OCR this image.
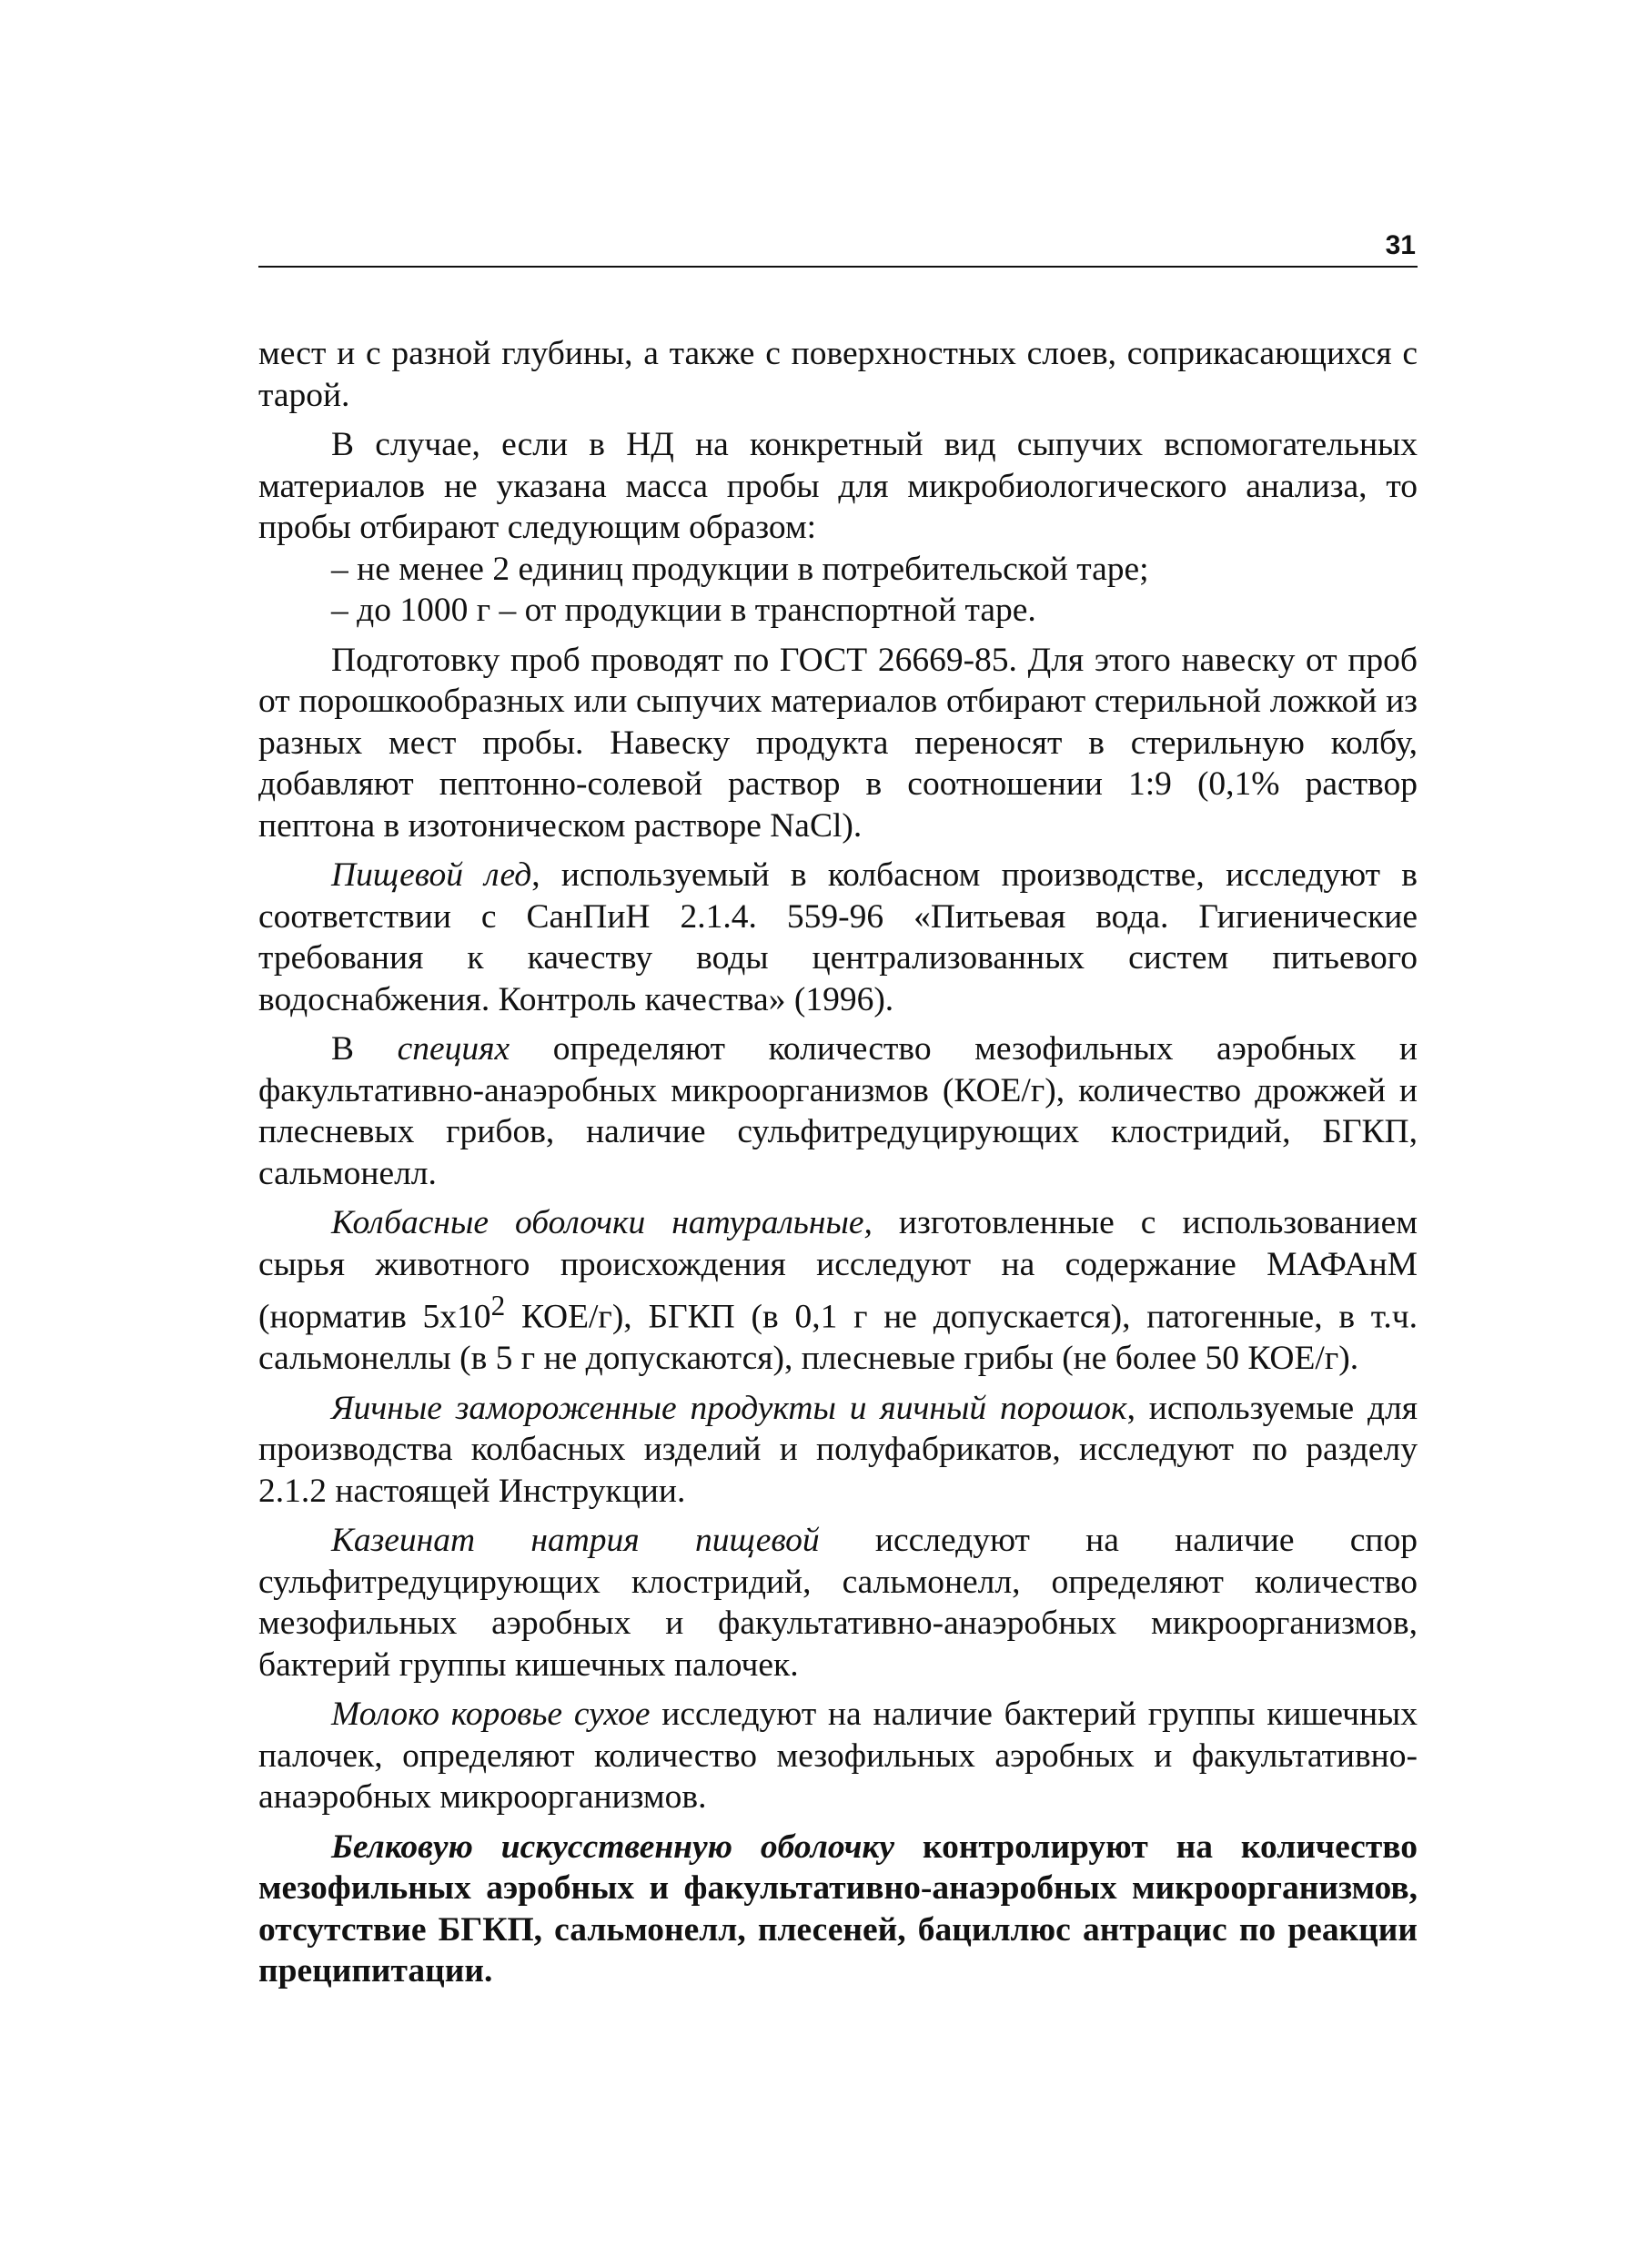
31

мест и с разной глубины, а также с поверхностных слоев, соприкасающихся с тарой.

В случае, если в НД на конкретный вид сыпучих вспомогательных материалов не указана масса пробы для микробиологического анализа, то пробы отбирают следующим образом:

– не менее 2 единиц продукции в потребительской таре;

– до 1000 г – от продукции в транспортной таре.

Подготовку проб проводят по ГОСТ 26669-85. Для этого навеску от проб от порошкообразных или сыпучих материалов отбирают стерильной ложкой из разных мест пробы. Навеску продукта переносят в стерильную колбу, добавляют пептонно-солевой раствор в соотношении 1:9 (0,1% раствор пептона в изотоническом растворе NaCl).

Пищевой лед, используемый в колбасном производстве, исследуют в соответствии с СанПиН 2.1.4. 559-96 «Питьевая вода. Гигиенические требования к качеству воды централизованных систем питьевого водоснабжения. Контроль качества» (1996).

В специях определяют количество мезофильных аэробных и факультативно-анаэробных микроорганизмов (КОЕ/г), количество дрожжей и плесневых грибов, наличие сульфитредуцирующих клостридий, БГКП, сальмонелл.

Колбасные оболочки натуральные, изготовленные с использованием сырья животного происхождения исследуют на содержание МАФАнМ (норматив $5х10^2$ КОЕ/г), БГКП (в 0,1 г не допускается), патогенные, в т.ч. сальмонеллы (в 5 г не допускаются), плесневые грибы (не более 50 КОЕ/г).

Яичные замороженные продукты и яичный порошок, используемые для производства колбасных изделий и полуфабрикатов, исследуют по разделу 2.1.2 настоящей Инструкции.

Казеинат натрия пищевой исследуют на наличие спор сульфитредуцирующих клостридий, сальмонелл, определяют количество мезофильных аэробных и факультативно-анаэробных микроорганизмов, бактерий группы кишечных палочек.

Молоко коровье сухое исследуют на наличие бактерий группы кишечных палочек, определяют количество мезофильных аэробных и факультативно-анаэробных микроорганизмов.

Белковую искусственную оболочку контролируют на количество мезофильных аэробных и факультативно-анаэробных микроорганизмов, отсутствие БГКП, сальмонелл, плесеней, бациллюс антрацис по реакции преципитации.
